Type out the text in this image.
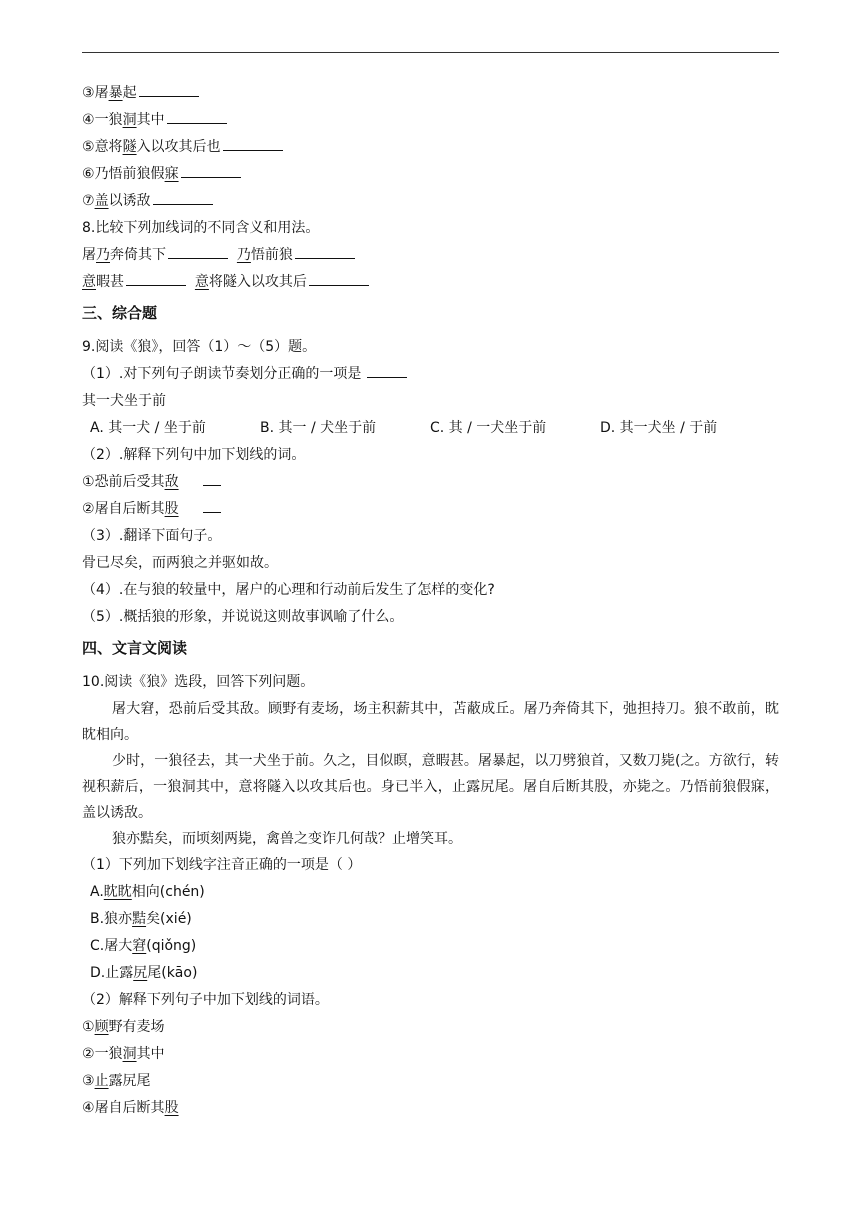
③屠暴起
④一狼洞其中
⑤意将隧入以攻其后也
⑥乃悟前狼假寐
⑦盖以诱敌
8.比较下列加线词的不同含义和用法。
屠乃奔倚其下	乃悟前狼
意暇甚	意将隧入以攻其后
三、综合题
9.阅读《狼》，回答（1）～（5）题。
（1）.对下列句子朗读节奏划分正确的一项是
其一犬坐于前
A. 其一犬 / 坐于前	B. 其一 / 犬坐于前	C. 其 / 一犬坐于前	D. 其一犬坐 / 于前
（2）.解释下列句中加下划线的词。
①恐前后受其敌
②屠自后断其股
（3）.翻译下面句子。
骨已尽矣，而两狼之并驱如故。
（4）.在与狼的较量中，屠户的心理和行动前后发生了怎样的变化?
（5）.概括狼的形象，并说说这则故事讽喻了什么。
四、文言文阅读
10.阅读《狼》选段，回答下列问题。
屠大窘，恐前后受其敌。顾野有麦场，场主积薪其中，苫蔽成丘。屠乃奔倚其下，弛担持刀。狼不敢前，眈眈相向。
少时，一狼径去，其一犬坐于前。久之，目似瞑，意暇甚。屠暴起，以刀劈狼首，又数刀毙(之。方欲行，转视积薪后，一狼洞其中，意将隧入以攻其后也。身已半入，止露尻尾。屠自后断其股，亦毙之。乃悟前狼假寐，盖以诱敌。
狼亦黠矣，而顷刻两毙，禽兽之变诈几何哉？止增笑耳。
（1）下列加下划线字注音正确的一项是（ ）
A.眈眈相向(chén)
B.狼亦黠矣(xié)
C.屠大窘(qiǒng)
D.止露尻尾(kāo)
（2）解释下列句子中加下划线的词语。
①顾野有麦场
②一狼洞其中
③止露尻尾
④屠自后断其股
